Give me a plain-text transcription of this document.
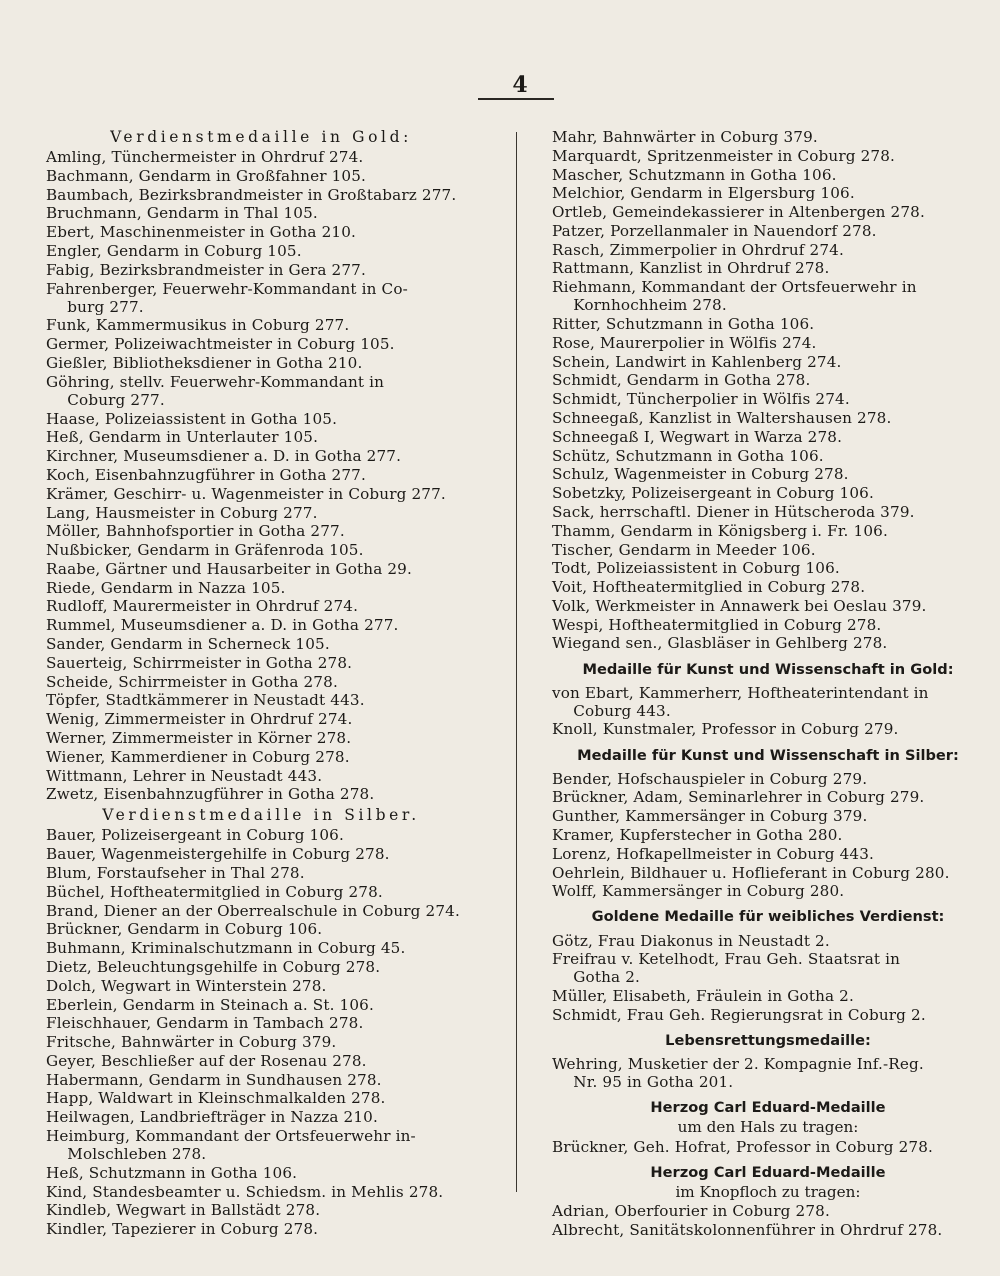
4
Verdienstmedaille in Gold:
Amling, Tünchermeister in Ohrdruf 274.
Bachmann, Gendarm in Großfahner 105.
Baumbach, Bezirksbrandmeister in Großtabarz 277.
Bruchmann, Gendarm in Thal 105.
Ebert, Maschinenmeister in Gotha 210.
Engler, Gendarm in Coburg 105.
Fabig, Bezirksbrandmeister in Gera 277.
Fahrenberger, Feuerwehr-Kommandant in Co-
burg 277.
Funk, Kammermusikus in Coburg 277.
Germer, Polizeiwachtmeister in Coburg 105.
Gießler, Bibliotheksdiener in Gotha 210.
Göhring, stellv. Feuerwehr-Kommandant in
Coburg 277.
Haase, Polizeiassistent in Gotha 105.
Heß, Gendarm in Unterlauter 105.
Kirchner, Museumsdiener a. D. in Gotha 277.
Koch, Eisenbahnzugführer in Gotha 277.
Krämer, Geschirr- u. Wagenmeister in Coburg 277.
Lang, Hausmeister in Coburg 277.
Möller, Bahnhofsportier in Gotha 277.
Nußbicker, Gendarm in Gräfenroda 105.
Raabe, Gärtner und Hausarbeiter in Gotha 29.
Riede, Gendarm in Nazza 105.
Rudloff, Maurermeister in Ohrdruf 274.
Rummel, Museumsdiener a. D. in Gotha 277.
Sander, Gendarm in Scherneck 105.
Sauerteig, Schirrmeister in Gotha 278.
Scheide, Schirrmeister in Gotha 278.
Töpfer, Stadtkämmerer in Neustadt 443.
Wenig, Zimmermeister in Ohrdruf 274.
Werner, Zimmermeister in Körner 278.
Wiener, Kammerdiener in Coburg 278.
Wittmann, Lehrer in Neustadt 443.
Zwetz, Eisenbahnzugführer in Gotha 278.
Verdienstmedaille in Silber.
Bauer, Polizeisergeant in Coburg 106.
Bauer, Wagenmeistergehilfe in Coburg 278.
Blum, Forstaufseher in Thal 278.
Büchel, Hoftheatermitglied in Coburg 278.
Brand, Diener an der Oberrealschule in Coburg 274.
Brückner, Gendarm in Coburg 106.
Buhmann, Kriminalschutzmann in Coburg 45.
Dietz, Beleuchtungsgehilfe in Coburg 278.
Dolch, Wegwart in Winterstein 278.
Eberlein, Gendarm in Steinach a. St. 106.
Fleischhauer, Gendarm in Tambach 278.
Fritsche, Bahnwärter in Coburg 379.
Geyer, Beschließer auf der Rosenau 278.
Habermann, Gendarm in Sundhausen 278.
Happ, Waldwart in Kleinschmalkalden 278.
Heilwagen, Landbriefträger in Nazza 210.
Heimburg, Kommandant der Ortsfeuerwehr in-
Molschleben 278.
Heß, Schutzmann in Gotha 106.
Kind, Standesbeamter u. Schiedsm. in Mehlis 278.
Kindleb, Wegwart in Ballstädt 278.
Kindler, Tapezierer in Coburg 278.
Mahr, Bahnwärter in Coburg 379.
Marquardt, Spritzenmeister in Coburg 278.
Mascher, Schutzmann in Gotha 106.
Melchior, Gendarm in Elgersburg 106.
Ortleb, Gemeindekassierer in Altenbergen 278.
Patzer, Porzellanmaler in Nauendorf 278.
Rasch, Zimmerpolier in Ohrdruf 274.
Rattmann, Kanzlist in Ohrdruf 278.
Riehmann, Kommandant der Ortsfeuerwehr in
Kornhochheim 278.
Ritter, Schutzmann in Gotha 106.
Rose, Maurerpolier in Wölfis 274.
Schein, Landwirt in Kahlenberg 274.
Schmidt, Gendarm in Gotha 278.
Schmidt, Tüncherpolier in Wölfis 274.
Schneegaß, Kanzlist in Waltershausen 278.
Schneegaß I, Wegwart in Warza 278.
Schütz, Schutzmann in Gotha 106.
Schulz, Wagenmeister in Coburg 278.
Sobetzky, Polizeisergeant in Coburg 106.
Sack, herrschaftl. Diener in Hütscheroda 379.
Thamm, Gendarm in Königsberg i. Fr. 106.
Tischer, Gendarm in Meeder 106.
Todt, Polizeiassistent in Coburg 106.
Voit, Hoftheatermitglied in Coburg 278.
Volk, Werkmeister in Annawerk bei Oeslau 379.
Wespi, Hoftheatermitglied in Coburg 278.
Wiegand sen., Glasbläser in Gehlberg 278.
Medaille für Kunst und Wissenschaft in Gold:
von Ebart, Kammerherr, Hoftheaterintendant in
Coburg 443.
Knoll, Kunstmaler, Professor in Coburg 279.
Medaille für Kunst und Wissenschaft in Silber:
Bender, Hofschauspieler in Coburg 279.
Brückner, Adam, Seminarlehrer in Coburg 279.
Gunther, Kammersänger in Coburg 379.
Kramer, Kupferstecher in Gotha 280.
Lorenz, Hofkapellmeister in Coburg 443.
Oehrlein, Bildhauer u. Hoflieferant in Coburg 280.
Wolff, Kammersänger in Coburg 280.
Goldene Medaille für weibliches Verdienst:
Götz, Frau Diakonus in Neustadt 2.
Freifrau v. Ketelhodt, Frau Geh. Staatsrat in
Gotha 2.
Müller, Elisabeth, Fräulein in Gotha 2.
Schmidt, Frau Geh. Regierungsrat in Coburg 2.
Lebensrettungsmedaille:
Wehring, Musketier der 2. Kompagnie Inf.-Reg.
Nr. 95 in Gotha 201.
Herzog Carl Eduard-Medaille
um den Hals zu tragen:
Brückner, Geh. Hofrat, Professor in Coburg 278.
Herzog Carl Eduard-Medaille
im Knopfloch zu tragen:
Adrian, Oberfourier in Coburg 278.
Albrecht, Sanitätskolonnenführer in Ohrdruf 278.
